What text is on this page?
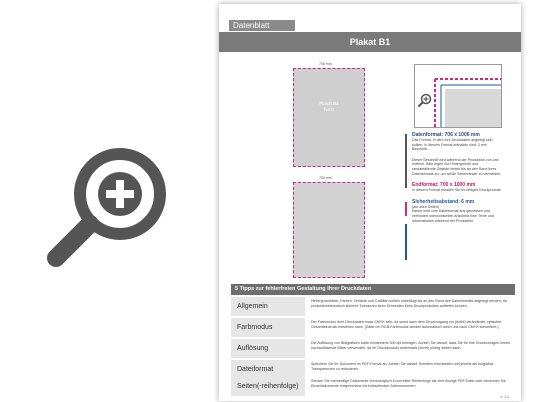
Datenblatt
Plakat B1
706 mm
Plakat B1
hoch
700 mm
Datenformat: 706 x 1006 mm
Das Format, in dem Ihre Druckdaten angelegt sein sollten. In diesem Format enthalten sind: 3 mm Beschnitt.
Dieser Beschnitt wird während der Produktion von uns entfernt. Bitte legen Sie Hintergründe und randabfallende Objekte immer bis an den Rand Ihres Datenformats an, um weiße Seitenränder zu vermeiden.
Endformat: 700 x 1000 mm
In diesem Format erhalten Sie Ihr fertiges Druckprodukt.
Sicherheitsabstand: 6 mm
(auf allen Seiten)
Dieser wird vom Datenformat aus gemessen und verhindert unerwünschten Anschnitt Ihrer Texte und Informationen während der Produktion.
5 Tipps zur fehlerfreien Gestaltung Ihrer Druckdaten
Allgemein
Hintergrundbilder, Farben, Verläufe und Grafiken sollten unbedingt bis an den Rand des Datenformats angelegt werden, da produktionstechnisch kleinere Toleranzen beim Schneiden Ihres Druckproduktes auftreten können.
Farbmodus
Der Farbmodus Ihrer Druckdaten muss CMYK sein, da sonst nach dem Druckvorgang ein (leicht) veränderter, optischer Gesamteindruck entstehen kann. (Daten im RGB-Farbmodus werden automatisch durch uns nach CMYK konvertiert.)
Auflösung
Die Auflösung von Bildgrafiken sollte mindestens 300 dpi betragen. Achten Sie darauf, dass Sie für Ihre Druckvorlagen immer hochauflösende Bilder verwenden, da Ihr Druckprodukt andernfalls (leicht) pixelig wirken kann.
Dateiformat
Speichern Sie Ihr Dokument im PDF-Format ab. Achten Sie darauf, Schriften einzubetten und jeweils als möglichst Transparenzen zu reduzieren.
Seiten(-reihenfolge)
Senden Sie mehrseitige Dokumente chronologisch in korrekter Reihenfolge als eine einzige PDF-Datei oder benennen Sie Einzeldokumente entsprechend mit fortlaufenden Seitennummern.
V. 1.0
